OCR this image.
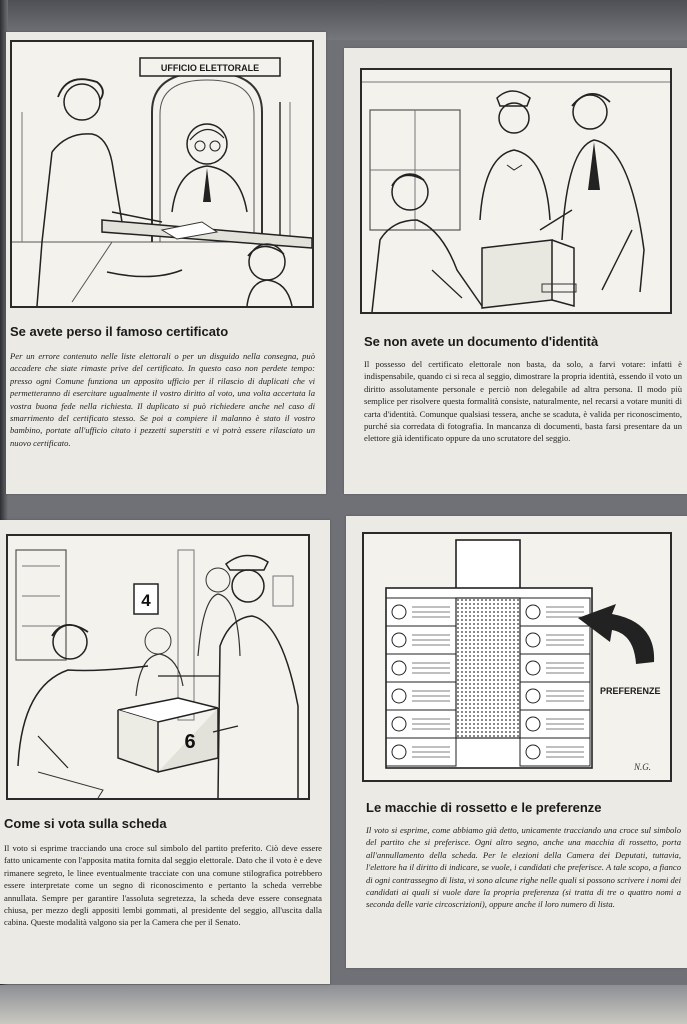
UFFICIO ELETTORALE
Se avete perso il famoso certificato

Per un errore contenuto nelle liste elettorali o per un disguido nella consegna, può accadere che siate rimaste prive del certificato. In questo caso non perdete tempo: presso ogni Comune funziona un apposito ufficio per il rilascio di duplicati che vi permetteranno di esercitare ugualmente il vostro diritto al voto, una volta accertata la vostra buona fede nella richiesta. Il duplicato si può richiedere anche nel caso di smarrimento del certificato stesso. Se poi a compiere il malanno è stato il vostro bambino, portate all'ufficio citato i pezzetti superstiti e vi potrà essere rilasciato un nuovo certificato.

Se non avete un documento d'identità

Il possesso del certificato elettorale non basta, da solo, a farvi votare: infatti è indispensabile, quando ci si reca al seggio, dimostrare la propria identità, essendo il voto un diritto assolutamente personale e perciò non delegabile ad altra persona. Il modo più semplice per risolvere questa formalità consiste, naturalmente, nel recarsi a votare muniti di carta d'identità. Comunque qualsiasi tessera, anche se scaduta, è valida per riconoscimento, purché sia corredata di fotografia. In mancanza di documenti, basta farsi presentare da un elettore già identificato oppure da uno scrutatore del seggio.

4
6
Come si vota sulla scheda

Il voto si esprime tracciando una croce sul simbolo del partito preferito. Ciò deve essere fatto unicamente con l'apposita matita fornita dal seggio elettorale. Dato che il voto è e deve rimanere segreto, le linee eventualmente tracciate con una comune stilografica potrebbero essere interpretate come un segno di riconoscimento e pertanto la scheda verrebbe annullata. Sempre per garantire l'assoluta segretezza, la scheda deve essere consegnata chiusa, per mezzo degli appositi lembi gommati, al presidente del seggio, all'uscita dalla cabina. Queste modalità valgono sia per la Camera che per il Senato.

PREFERENZE
N.G.
Le macchie di rossetto e le preferenze

Il voto si esprime, come abbiamo già detto, unicamente tracciando una croce sul simbolo del partito che si preferisce. Ogni altro segno, anche una macchia di rossetto, porta all'annullamento della scheda. Per le elezioni della Camera dei Deputati, tuttavia, l'elettore ha il diritto di indicare, se vuole, i candidati che preferisce. A tale scopo, a fianco di ogni contrassegno di lista, vi sono alcune righe nelle quali si possono scrivere i nomi dei candidati ai quali si vuole dare la propria preferenza (si tratta di tre o quattro nomi a seconda delle varie circoscrizioni), oppure anche il loro numero di lista.
